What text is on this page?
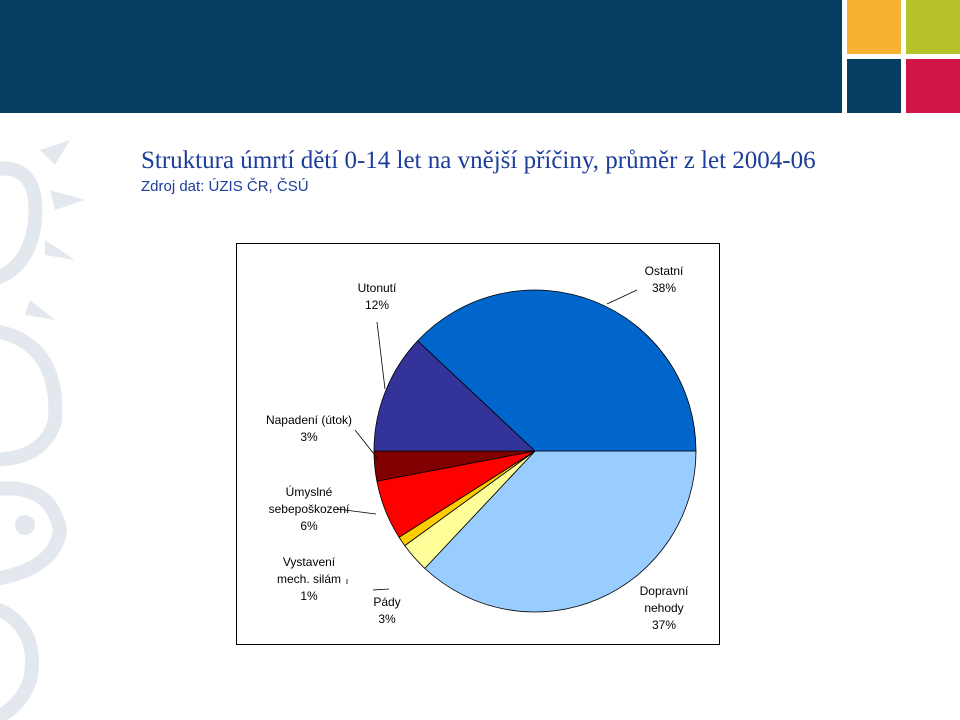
Struktura úmrtí dětí 0-14 let na vnější příčiny, průměr z let 2004-06
Zdroj dat: ÚZIS ČR, ČSÚ
Dopravní
nehody
37%
Pády
3%
Vystavení
mech. silám
1%
Úmyslné
sebepoškození
6%
Napadení (útok)
3%
Utonutí
12%
Ostatní
38%
